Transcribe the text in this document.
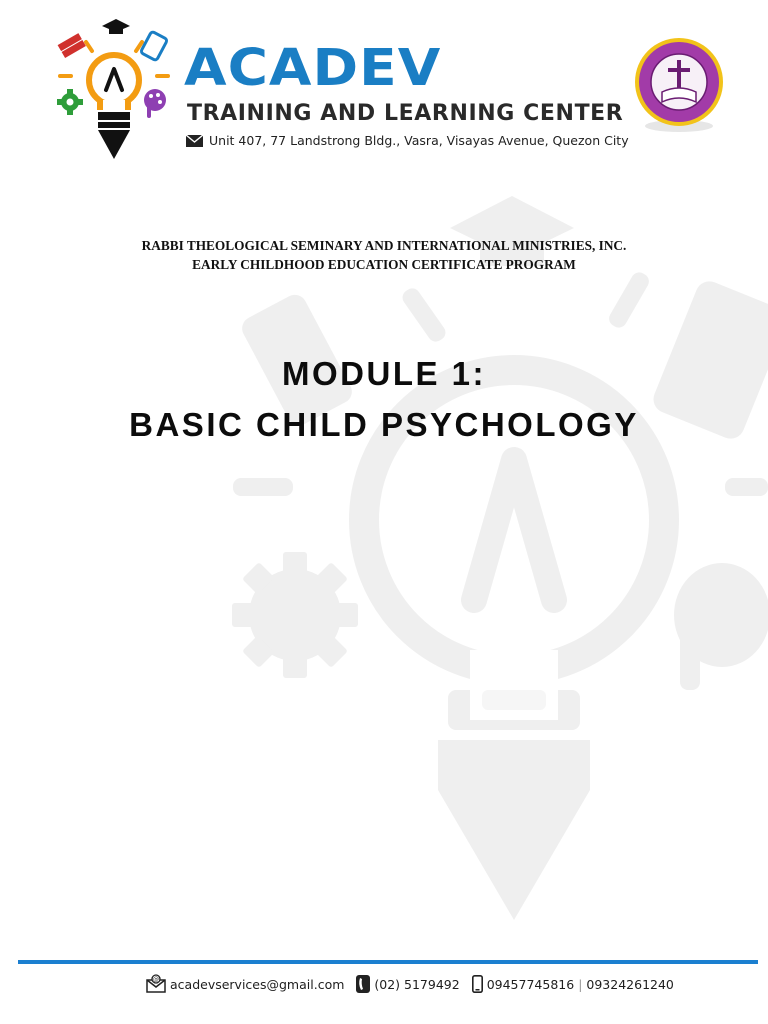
ACADEV
TRAINING AND LEARNING CENTER
Unit 407, 77 Landstrong Bldg., Vasra, Visayas Avenue, Quezon City
RABBI THEOLOGICAL SEMINARY AND INTERNATIONAL MINISTRIES, INC.
EARLY CHILDHOOD EDUCATION CERTIFICATE PROGRAM
MODULE 1:
BASIC CHILD PSYCHOLOGY
@ acadevservices@gmail.com (02) 5179492 09457745816 | 09324261240
